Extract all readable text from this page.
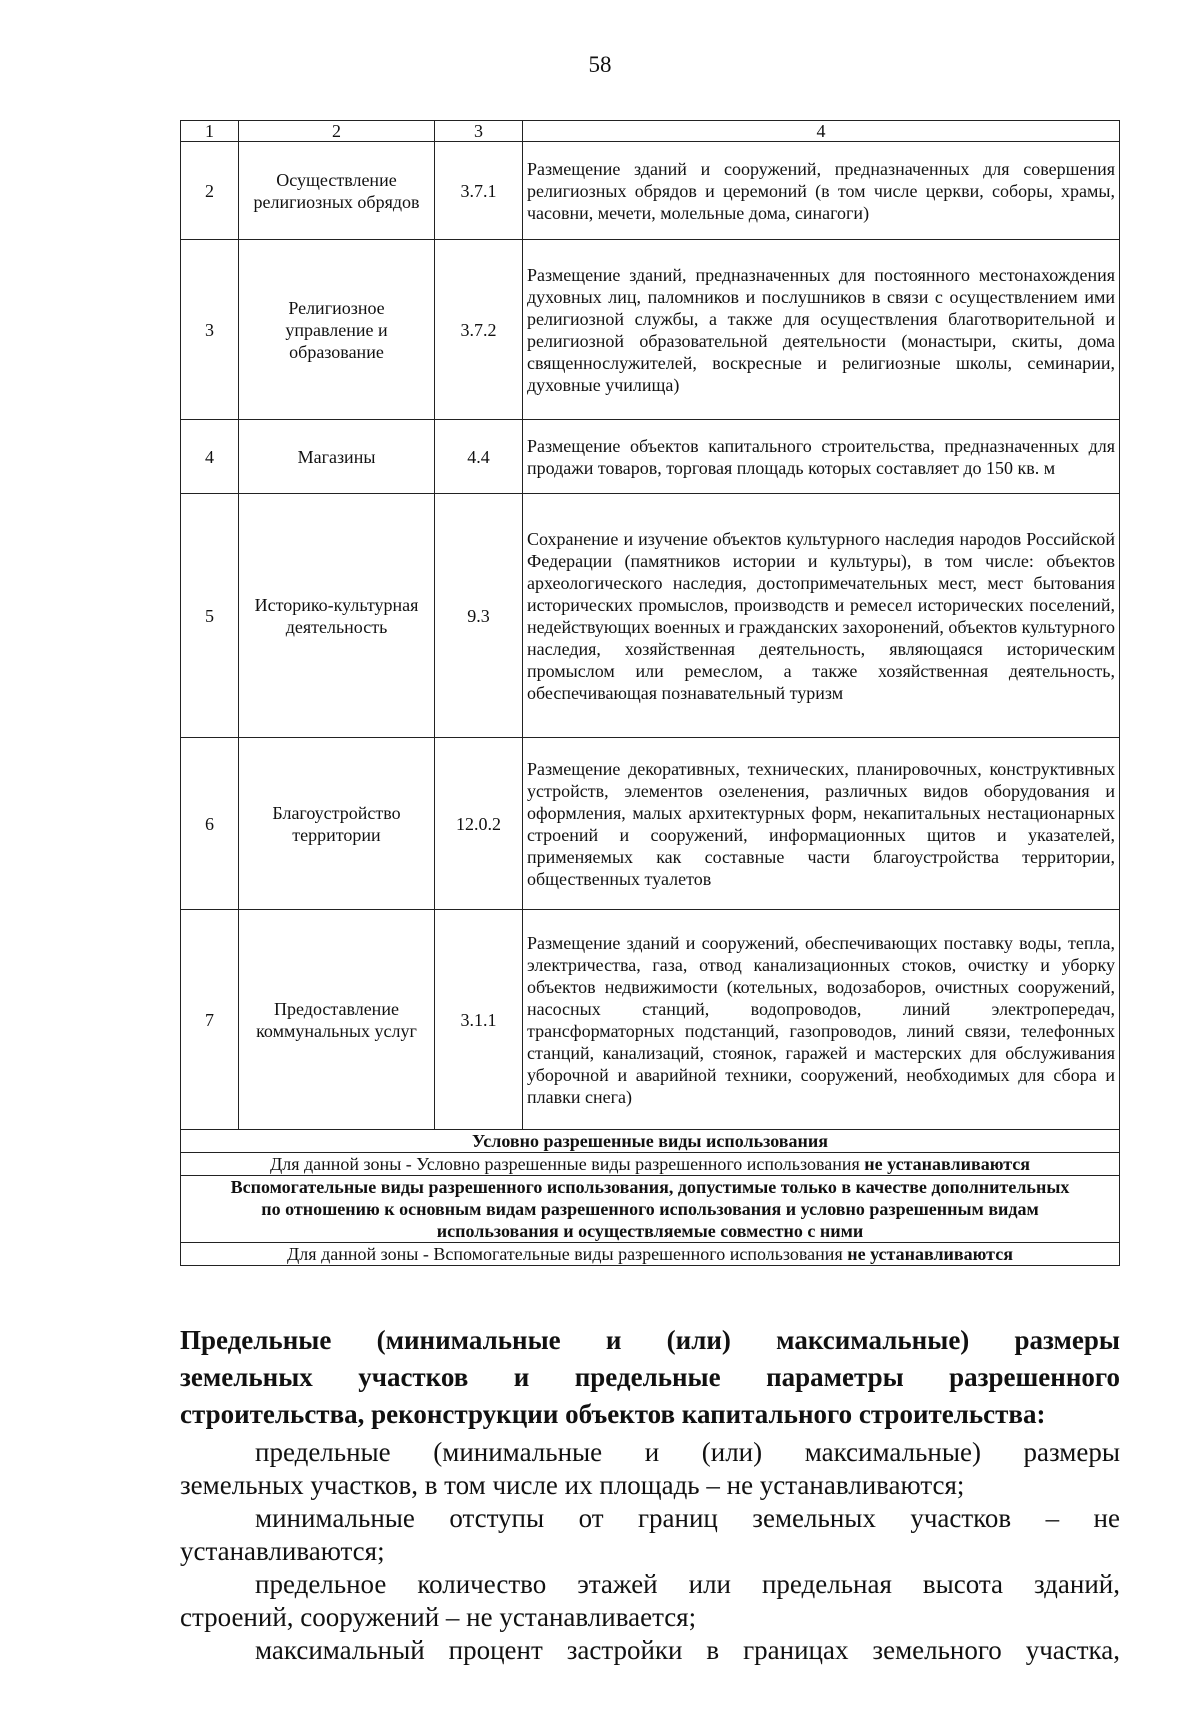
58
1	2	3	4
2	Осуществление религиозных обрядов	3.7.1	Размещение зданий и сооружений, предназначенных для совершения религиозных обрядов и церемоний (в том числе церкви, соборы, храмы, часовни, мечети, молельные дома, синагоги)
3	Религиозное управление и образование	3.7.2	Размещение зданий, предназначенных для постоянного местонахождения духовных лиц, паломников и послушников в связи с осуществлением ими религиозной службы, а также для осуществления благотворительной и религиозной образовательной деятельности (монастыри, скиты, дома священнослужителей, воскресные и религиозные школы, семинарии, духовные училища)
4	Магазины	4.4	Размещение объектов капитального строительства, предназначенных для продажи товаров, торговая площадь которых составляет до 150 кв. м
5	Историко-культурная деятельность	9.3	Сохранение и изучение объектов культурного наследия народов Российской Федерации (памятников истории и культуры), в том числе: объектов археологического наследия, достопримечательных мест, мест бытования исторических промыслов, производств и ремесел исторических поселений, недействующих военных и гражданских захоронений, объектов культурного наследия, хозяйственная деятельность, являющаяся историческим промыслом или ремеслом, а также хозяйственная деятельность, обеспечивающая познавательный туризм
6	Благоустройство территории	12.0.2	Размещение декоративных, технических, планировочных, конструктивных устройств, элементов озеленения, различных видов оборудования и оформления, малых архитектурных форм, некапитальных нестационарных строений и сооружений, информационных щитов и указателей, применяемых как составные части благоустройства территории, общественных туалетов
7	Предоставление коммунальных услуг	3.1.1	Размещение зданий и сооружений, обеспечивающих поставку воды, тепла, электричества, газа, отвод канализационных стоков, очистку и уборку объектов недвижимости (котельных, водозаборов, очистных сооружений, насосных станций, водопроводов, линий электропередач, трансформаторных подстанций, газопроводов, линий связи, телефонных станций, канализаций, стоянок, гаражей и мастерских для обслуживания уборочной и аварийной техники, сооружений, необходимых для сбора и плавки снега)
Условно разрешенные виды использования			
Для данной зоны - Условно разрешенные виды разрешенного использования не устанавливаются			
Вспомогательные виды разрешенного использования, допустимые только в качестве дополнительных по отношению к основным видам разрешенного использования и условно разрешенным видам использования и осуществляемые совместно с ними			
Для данной зоны - Вспомогательные виды разрешенного использования не устанавливаются			
Предельные (минимальные и (или) максимальные) размеры
земельных участков и предельные параметры разрешенного
строительства, реконструкции объектов капитального строительства:
предельные (минимальные и (или) максимальные) размеры
земельных участков, в том числе их площадь – не устанавливаются;
минимальные отступы от границ земельных участков – не
устанавливаются;
предельное количество этажей или предельная высота зданий,
строений, сооружений – не устанавливается;
максимальный процент застройки в границах земельного участка,
